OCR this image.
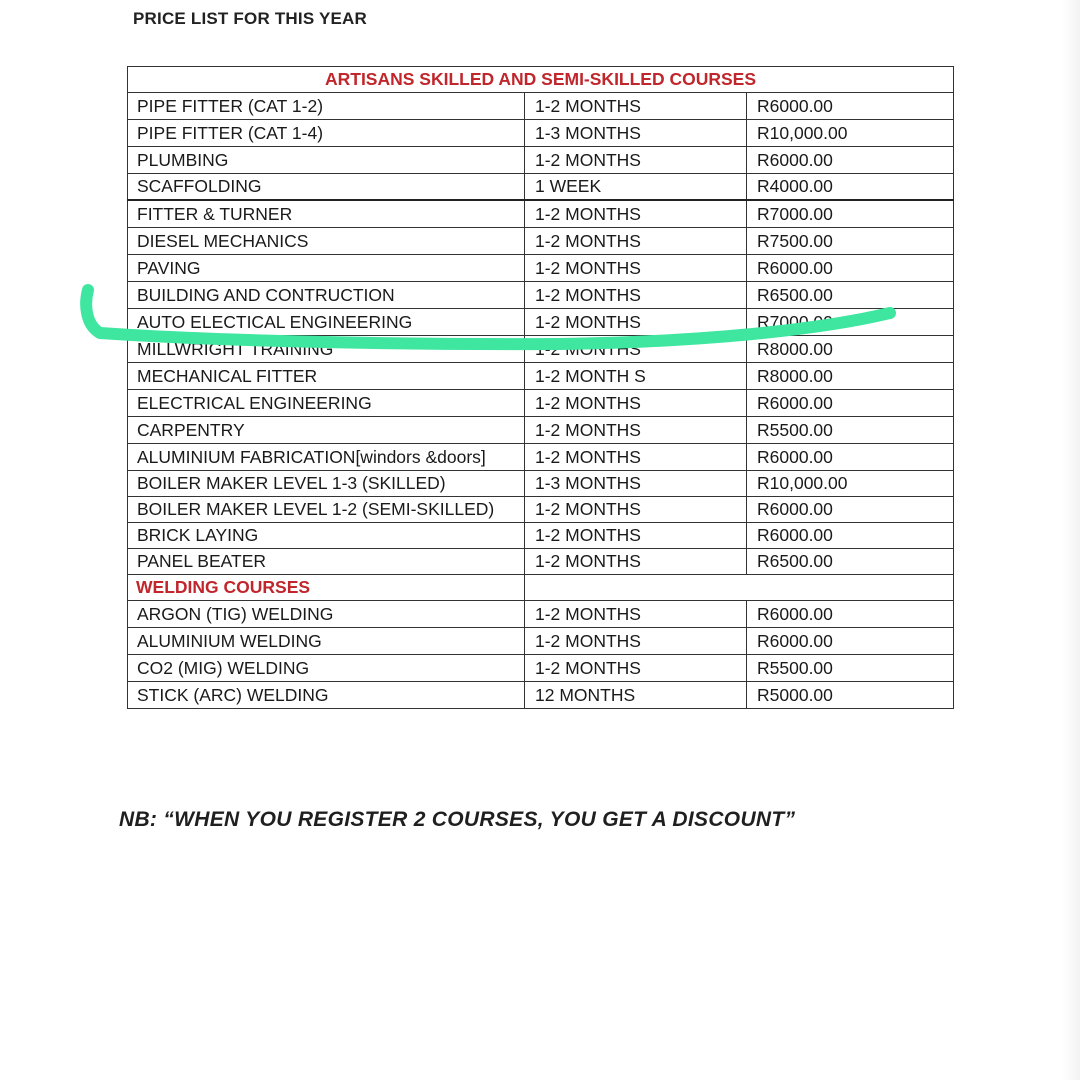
PRICE LIST FOR THIS YEAR
ARTISANS SKILLED AND SEMI-SKILLED COURSES		
PIPE FITTER (CAT 1-2)	1-2 MONTHS	R6000.00
PIPE FITTER (CAT 1-4)	1-3 MONTHS	R10,000.00
PLUMBING	1-2 MONTHS	R6000.00
SCAFFOLDING	1 WEEK	R4000.00
FITTER & TURNER	1-2 MONTHS	R7000.00
DIESEL MECHANICS	1-2 MONTHS	R7500.00
PAVING	1-2 MONTHS	R6000.00
BUILDING AND CONTRUCTION	1-2 MONTHS	R6500.00
AUTO ELECTICAL ENGINEERING	1-2 MONTHS	R7000.00
MILLWRIGHT TRAINING	1-2 MONTHS	R8000.00
MECHANICAL FITTER	1-2 MONTH S	R8000.00
ELECTRICAL ENGINEERING	1-2 MONTHS	R6000.00
CARPENTRY	1-2 MONTHS	R5500.00
ALUMINIUM FABRICATION[windors &doors]	1-2 MONTHS	R6000.00
BOILER MAKER LEVEL 1-3 (SKILLED)	1-3 MONTHS	R10,000.00
BOILER MAKER LEVEL 1-2 (SEMI-SKILLED)	1-2 MONTHS	R6000.00
BRICK LAYING	1-2 MONTHS	R6000.00
PANEL BEATER	1-2 MONTHS	R6500.00
WELDING COURSES		
ARGON (TIG) WELDING	1-2 MONTHS	R6000.00
ALUMINIUM WELDING	1-2 MONTHS	R6000.00
CO2 (MIG) WELDING	1-2 MONTHS	R5500.00
STICK (ARC) WELDING	12 MONTHS	R5000.00
NB: “WHEN YOU REGISTER 2 COURSES, YOU GET A DISCOUNT”
